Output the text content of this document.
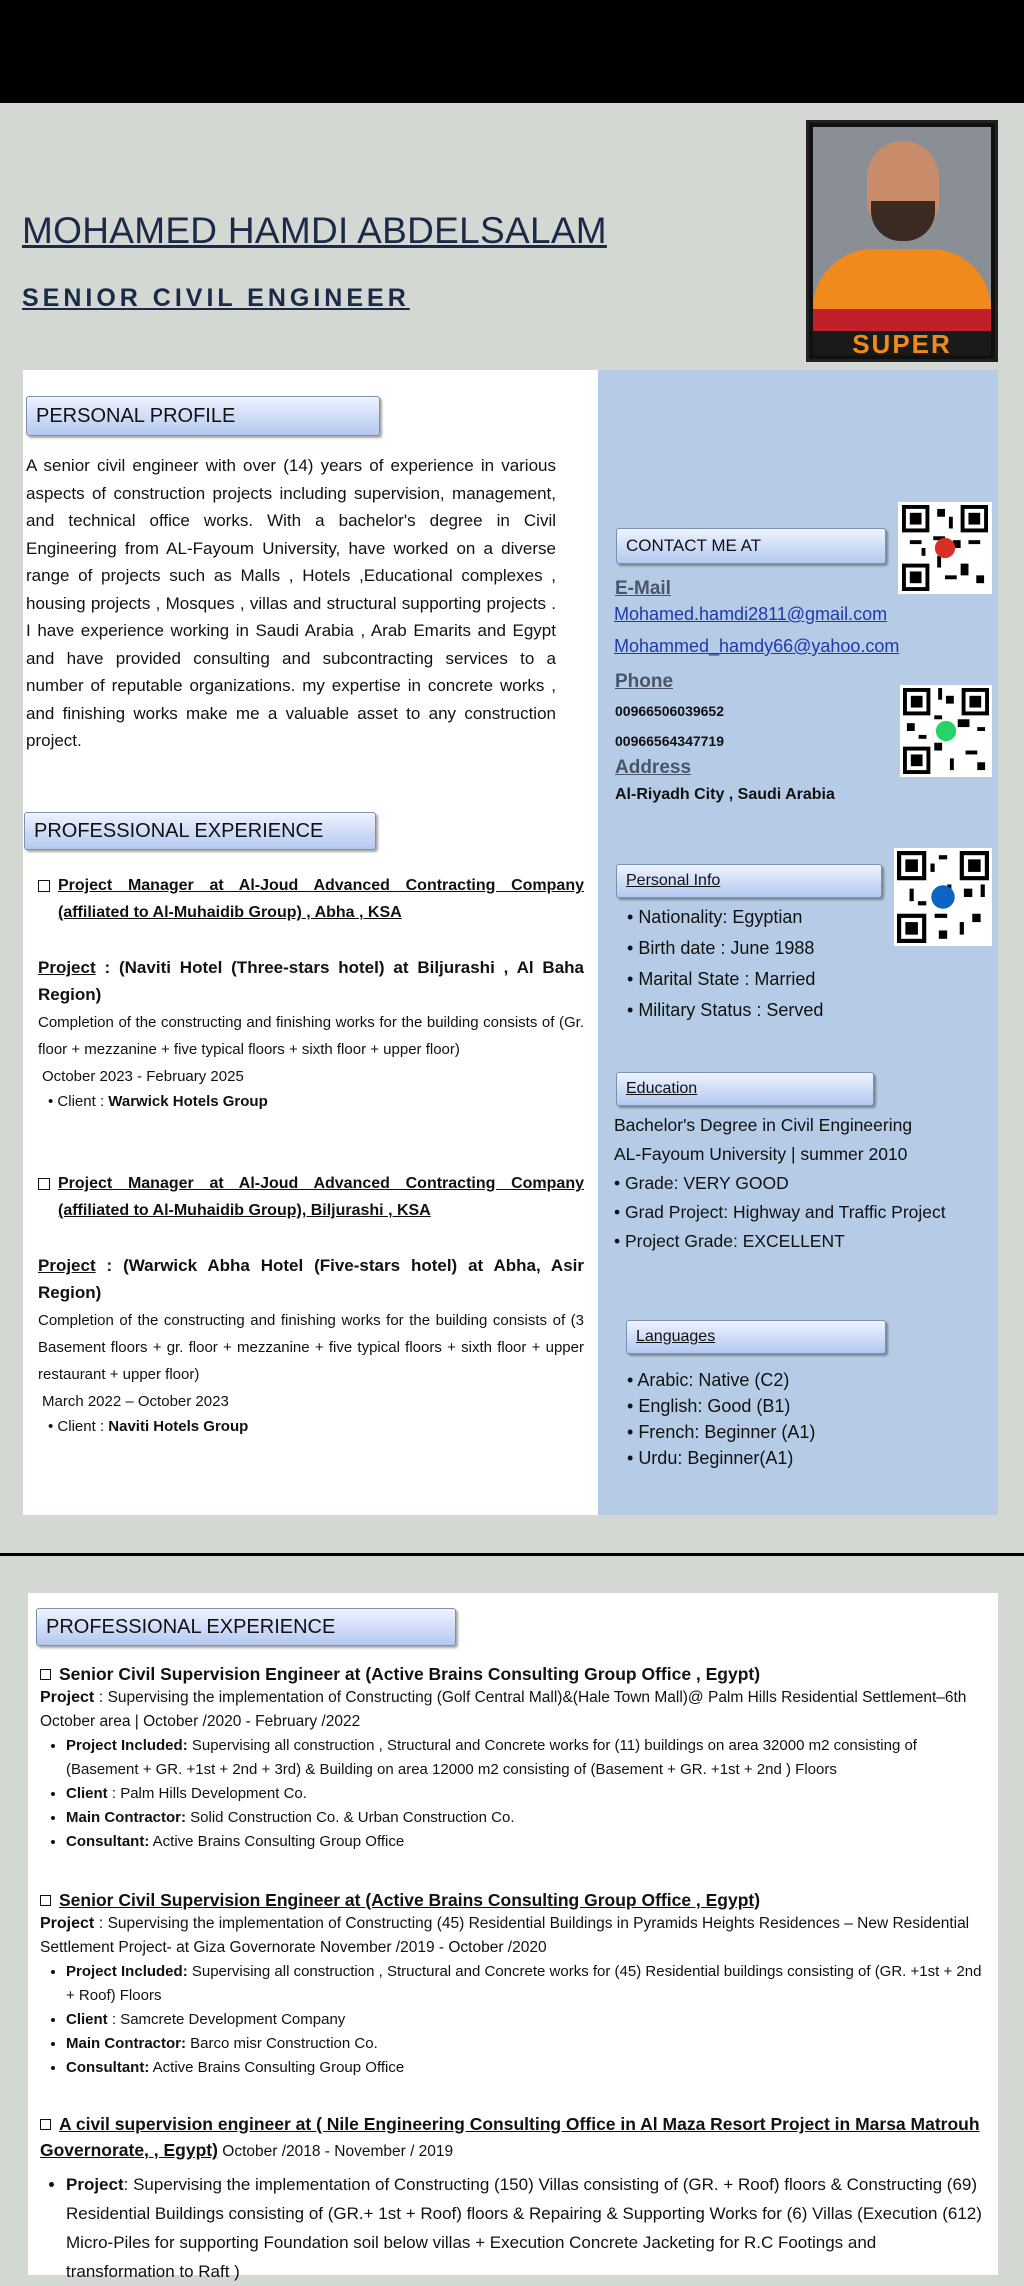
MOHAMED HAMDI ABDELSALAM
SENIOR CIVIL ENGINEER
SUPER
PERSONAL PROFILE
A senior civil engineer with over (14) years of experience in various aspects of construction projects including supervision, management, and technical office works. With a bachelor's degree in Civil Engineering from AL-Fayoum University, have worked on a diverse range of projects such as Malls , Hotels ,Educational complexes , housing projects , Mosques , villas and structural supporting projects . I have experience working in Saudi Arabia , Arab Emarits and Egypt and have provided consulting and subcontracting services to a number of reputable organizations. my expertise in concrete works , and finishing works make me a valuable asset to any construction project.
PROFESSIONAL EXPERIENCE
Project Manager at Al-Joud Advanced Contracting Company (affiliated to Al-Muhaidib Group) , Abha , KSA
Project : (Naviti Hotel (Three-stars hotel) at Biljurashi , Al Baha Region)
Completion of the constructing and finishing works for the building consists of (Gr. floor + mezzanine + five typical floors + sixth floor + upper floor)
October 2023 - February 2025
• Client : Warwick Hotels Group
Project Manager at Al-Joud Advanced Contracting Company (affiliated to Al-Muhaidib Group), Biljurashi , KSA
Project : (Warwick Abha Hotel (Five-stars hotel) at Abha, Asir Region)
Completion of the constructing and finishing works for the building consists of (3 Basement floors + gr. floor + mezzanine + five typical floors + sixth floor + upper restaurant + upper floor)
March 2022 – October 2023
• Client : Naviti Hotels Group
CONTACT ME AT
E-Mail
Mohamed.hamdi2811@gmail.com
Mohammed_hamdy66@yahoo.com
Phone
00966506039652
00966564347719
Address
Al-Riyadh City , Saudi Arabia
Personal Info
• Nationality: Egyptian
• Birth date : June 1988
• Marital State : Married
• Military Status : Served
Education
Bachelor's Degree in Civil Engineering
AL-Fayoum University | summer 2010
• Grade: VERY GOOD
• Grad Project: Highway and Traffic Project
• Project Grade: EXCELLENT
Languages
• Arabic: Native (C2)
• English: Good (B1)
• French: Beginner (A1)
• Urdu: Beginner(A1)
PROFESSIONAL EXPERIENCE
Senior Civil Supervision Engineer at (Active Brains Consulting Group Office , Egypt)
Project : Supervising the implementation of Constructing (Golf Central Mall)&(Hale Town Mall)@ Palm Hills Residential Settlement–6th October area | October /2020 - February /2022
• Project Included: Supervising all construction , Structural and Concrete works for (11) buildings on area 32000 m2 consisting of (Basement + GR. +1st + 2nd + 3rd) & Building on area 12000 m2 consisting of (Basement + GR. +1st + 2nd ) Floors
• Client : Palm Hills Development Co.
• Main Contractor: Solid Construction Co. & Urban Construction Co.
• Consultant: Active Brains Consulting Group Office
Senior Civil Supervision Engineer at (Active Brains Consulting Group Office , Egypt)
Project : Supervising the implementation of Constructing (45) Residential Buildings in Pyramids Heights Residences – New Residential Settlement Project- at Giza Governorate November /2019 - October /2020
• Project Included: Supervising all construction , Structural and Concrete works for (45) Residential buildings consisting of (GR. +1st + 2nd + Roof) Floors
• Client : Samcrete Development Company
• Main Contractor: Barco misr Construction Co.
• Consultant: Active Brains Consulting Group Office
A civil supervision engineer at ( Nile Engineering Consulting Office in Al Maza Resort Project in Marsa Matrouh Governorate, , Egypt) October /2018 - November / 2019
• Project: Supervising the implementation of Constructing (150) Villas consisting of (GR. + Roof) floors & Constructing (69) Residential Buildings consisting of (GR.+ 1st + Roof) floors & Repairing & Supporting Works for (6) Villas (Execution (612) Micro-Piles for supporting Foundation soil below villas + Execution Concrete Jacketing for R.C Footings and transformation to Raft )
